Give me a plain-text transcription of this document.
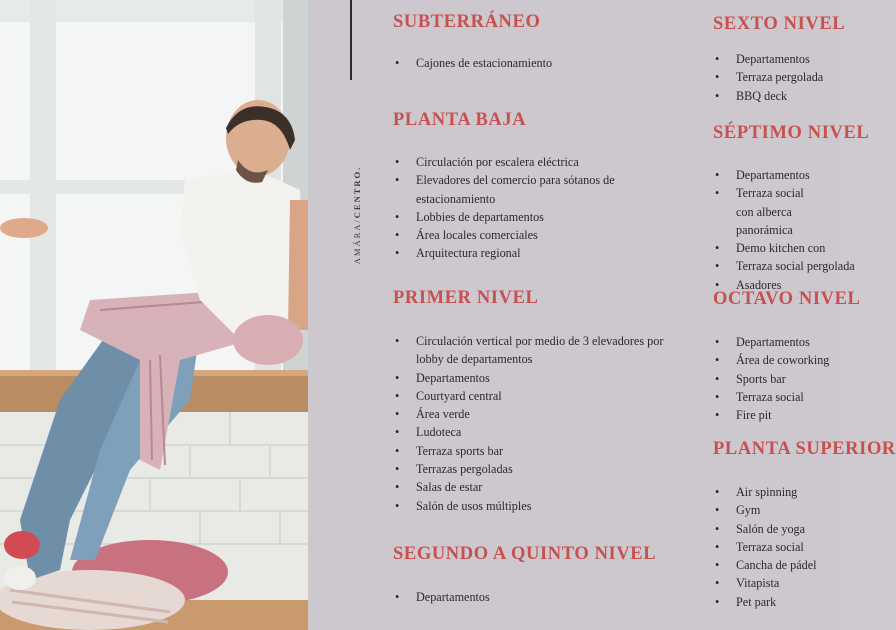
AMÁRA/CENTRO.
SUBTERRÁNEO
• Cajones de estacionamiento
PLANTA BAJA
• Circulación por escalera eléctrica
• Elevadores del comercio para sótanos de estacionamiento
• Lobbies de departamentos
• Área locales comerciales
• Arquitectura regional
PRIMER NIVEL
• Circulación vertical por medio de 3 elevadores por lobby de departamentos
• Departamentos
• Courtyard central
• Área verde
• Ludoteca
• Terraza sports bar
• Terrazas pergoladas
• Salas de estar
• Salón de usos múltiples
SEGUNDO A QUINTO NIVEL
• Departamentos
SEXTO NIVEL
• Departamentos
• Terraza pergolada
• BBQ deck
SÉPTIMO NIVEL
• Departamentos
• Terraza social con alberca panorámica
• Demo kitchen con
• Terraza social pergolada
• Asadores
OCTAVO NIVEL
• Departamentos
• Área de coworking
• Sports bar
• Terraza social
• Fire pit
PLANTA SUPERIOR
• Air spinning
• Gym
• Salón de yoga
• Terraza social
• Cancha de pádel
• Vitapista
• Pet park
